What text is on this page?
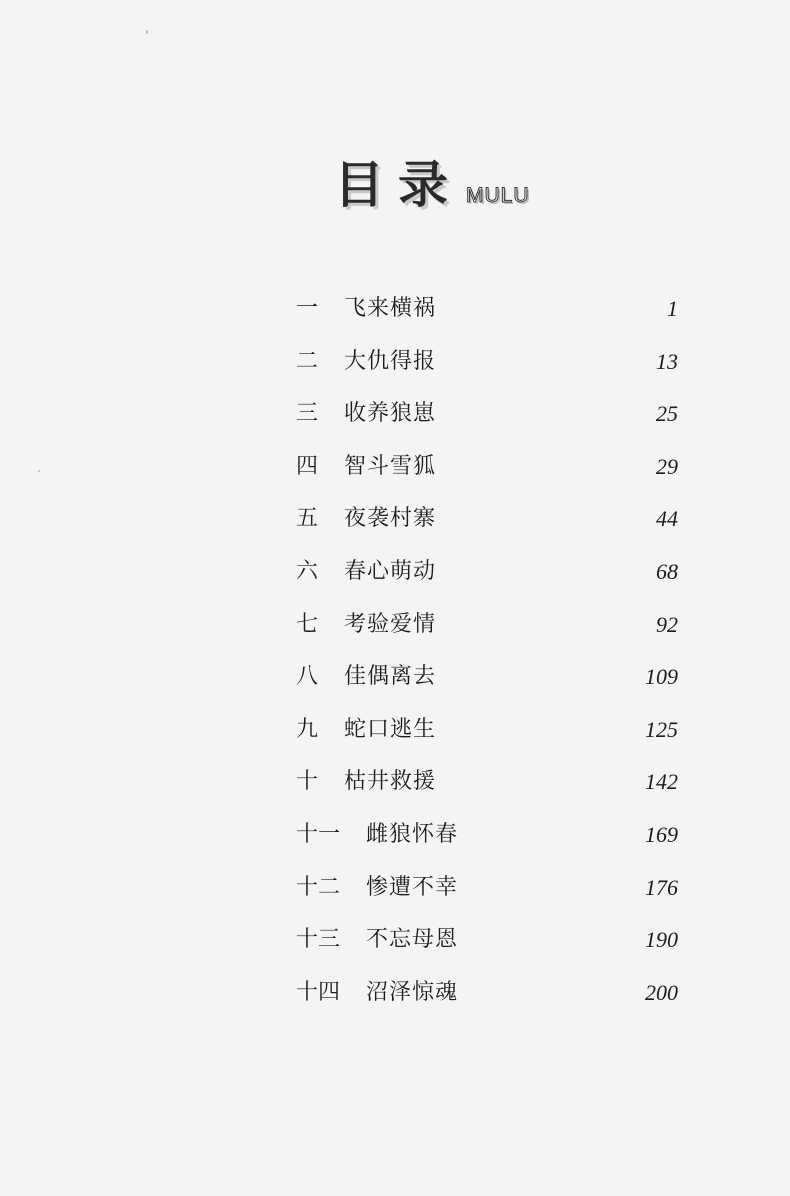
目录 MULU
一 飞来横祸	1
二 大仇得报	13
三 收养狼崽	25
四 智斗雪狐	29
五 夜袭村寨	44
六 春心萌动	68
七 考验爱情	92
八 佳偶离去	109
九 蛇口逃生	125
十 枯井救援	142
十一 雌狼怀春	169
十二 惨遭不幸	176
十三 不忘母恩	190
十四 沼泽惊魂	200
